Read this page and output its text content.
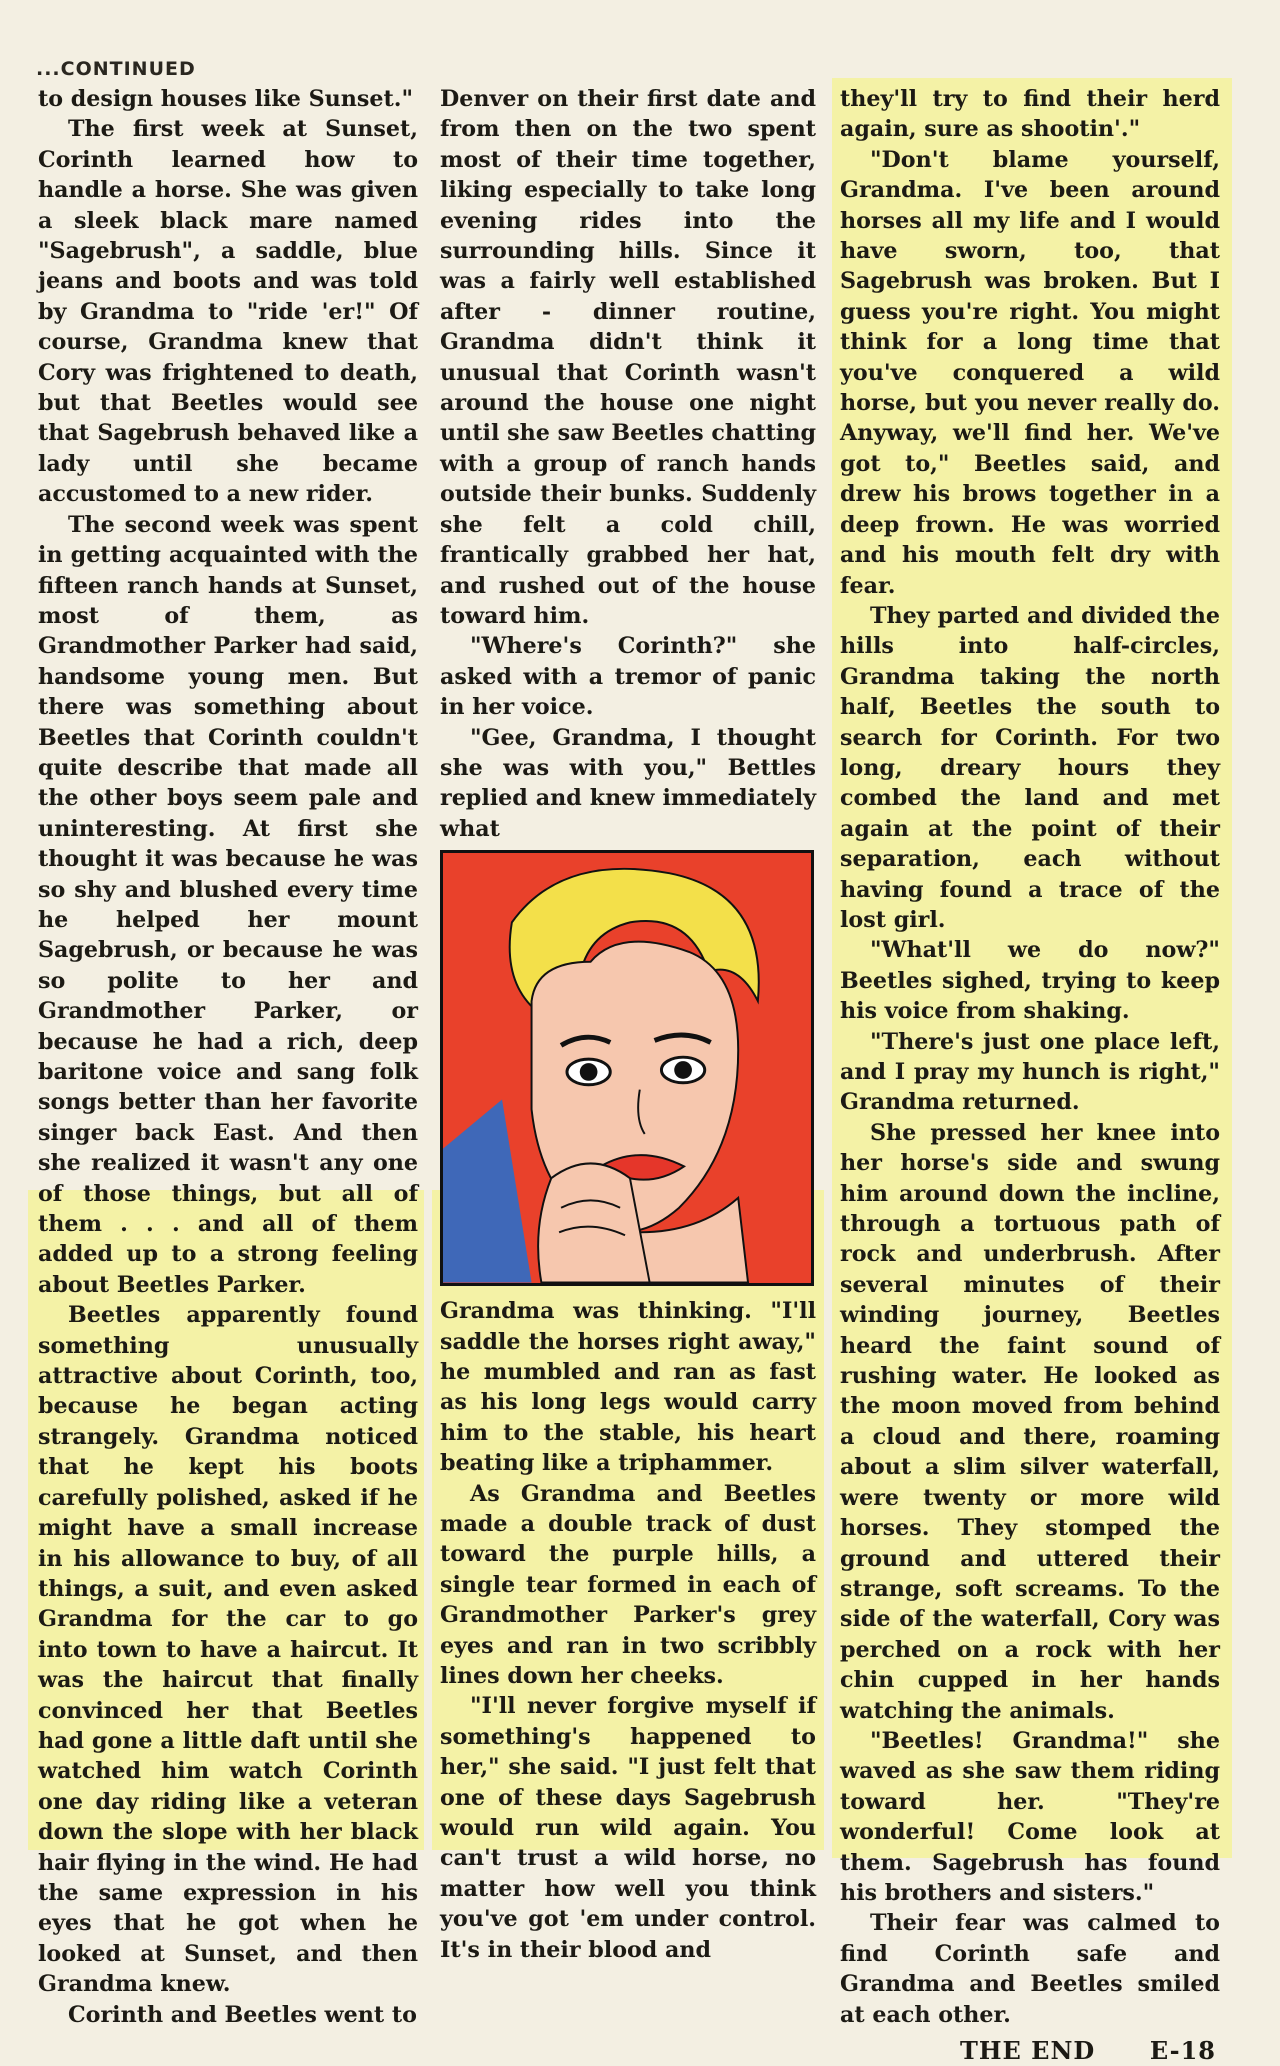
...CONTINUED

to design houses like Sunset."

The first week at Sunset, Corinth learned how to handle a horse. She was given a sleek black mare named "Sagebrush", a saddle, blue jeans and boots and was told by Grandma to "ride 'er!" Of course, Grandma knew that Cory was frightened to death, but that Beetles would see that Sagebrush behaved like a lady until she became accustomed to a new rider.

The second week was spent in getting acquainted with the fifteen ranch hands at Sunset, most of them, as Grandmother Parker had said, handsome young men. But there was something about Beetles that Corinth couldn't quite describe that made all the other boys seem pale and uninteresting. At first she thought it was because he was so shy and blushed every time he helped her mount Sagebrush, or because he was so polite to her and Grandmother Parker, or because he had a rich, deep baritone voice and sang folk songs better than her favorite singer back East. And then she realized it wasn't any one of those things, but all of them . . . and all of them added up to a strong feeling about Beetles Parker.

Beetles apparently found something unusually attractive about Corinth, too, because he began acting strangely. Grandma noticed that he kept his boots carefully polished, asked if he might have a small increase in his allowance to buy, of all things, a suit, and even asked Grandma for the car to go into town to have a haircut. It was the haircut that finally convinced her that Beetles had gone a little daft until she watched him watch Corinth one day riding like a veteran down the slope with her black hair flying in the wind. He had the same expression in his eyes that he got when he looked at Sunset, and then Grandma knew.

Corinth and Beetles went to

Denver on their first date and from then on the two spent most of their time together, liking especially to take long evening rides into the surrounding hills. Since it was a fairly well established after - dinner routine, Grandma didn't think it unusual that Corinth wasn't around the house one night until she saw Beetles chatting with a group of ranch hands outside their bunks. Suddenly she felt a cold chill, frantically grabbed her hat, and rushed out of the house toward him.

"Where's Corinth?" she asked with a tremor of panic in her voice.

"Gee, Grandma, I thought she was with you," Bettles replied and knew immediately what

Grandma was thinking. "I'll saddle the horses right away," he mumbled and ran as fast as his long legs would carry him to the stable, his heart beating like a triphammer.

As Grandma and Beetles made a double track of dust toward the purple hills, a single tear formed in each of Grandmother Parker's grey eyes and ran in two scribbly lines down her cheeks.

"I'll never forgive myself if something's happened to her," she said. "I just felt that one of these days Sagebrush would run wild again. You can't trust a wild horse, no matter how well you think you've got 'em under control. It's in their blood and

they'll try to find their herd again, sure as shootin'."

"Don't blame yourself, Grandma. I've been around horses all my life and I would have sworn, too, that Sagebrush was broken. But I guess you're right. You might think for a long time that you've conquered a wild horse, but you never really do. Anyway, we'll find her. We've got to," Beetles said, and drew his brows together in a deep frown. He was worried and his mouth felt dry with fear.

They parted and divided the hills into half-circles, Grandma taking the north half, Beetles the south to search for Corinth. For two long, dreary hours they combed the land and met again at the point of their separation, each without having found a trace of the lost girl.

"What'll we do now?" Beetles sighed, trying to keep his voice from shaking.

"There's just one place left, and I pray my hunch is right," Grandma returned.

She pressed her knee into her horse's side and swung him around down the incline, through a tortuous path of rock and underbrush. After several minutes of their winding journey, Beetles heard the faint sound of rushing water. He looked as the moon moved from behind a cloud and there, roaming about a slim silver waterfall, were twenty or more wild horses. They stomped the ground and uttered their strange, soft screams. To the side of the waterfall, Cory was perched on a rock with her chin cupped in her hands watching the animals.

"Beetles! Grandma!" she waved as she saw them riding toward her. "They're wonderful! Come look at them. Sagebrush has found his brothers and sisters."

Their fear was calmed to find Corinth safe and Grandma and Beetles smiled at each other.

THE END E-18
